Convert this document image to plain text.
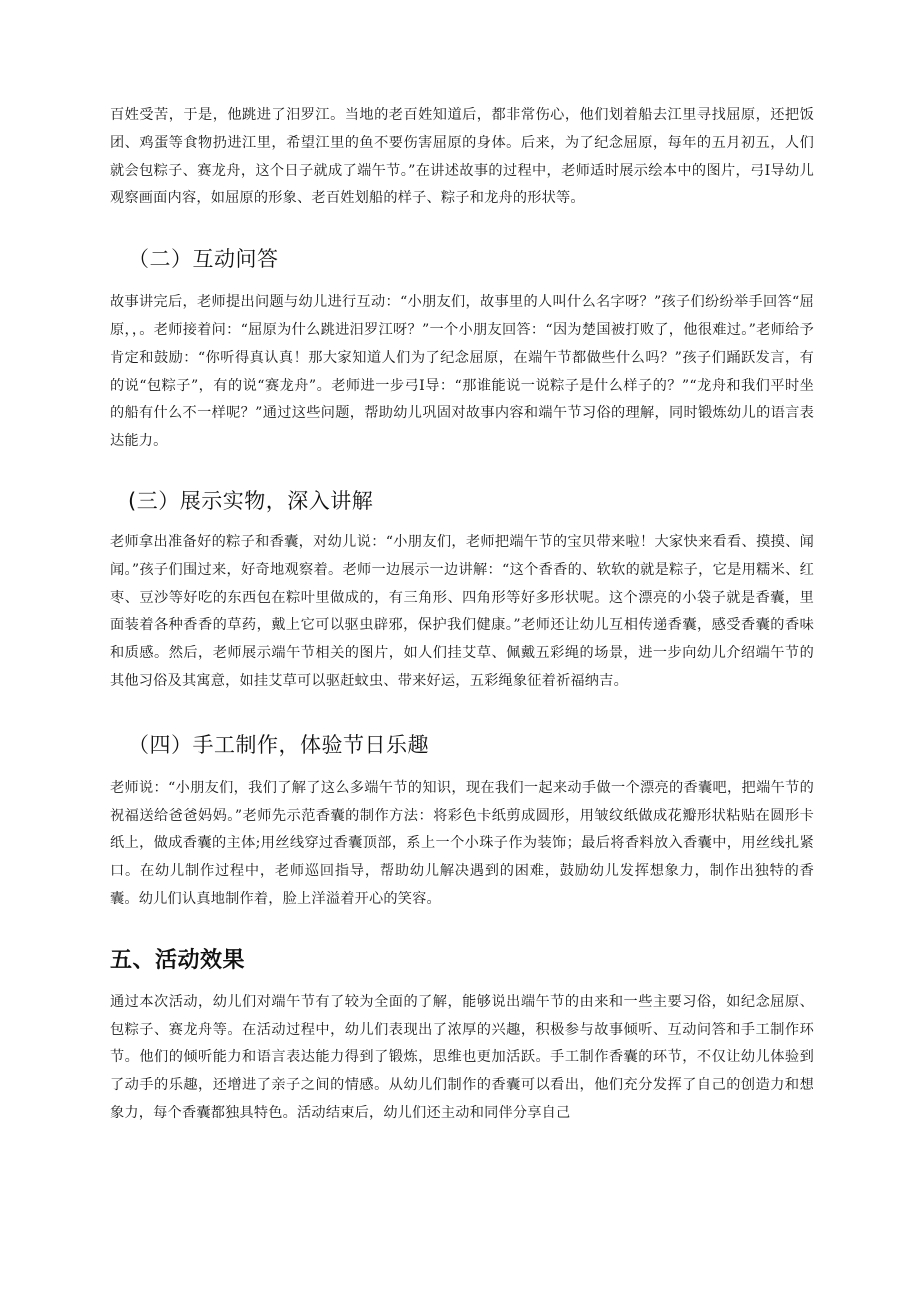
百姓受苦，于是，他跳进了汨罗江。当地的老百姓知道后，都非常伤心，他们划着船去江里寻找屈原，还把饭团、鸡蛋等食物扔进江里，希望江里的鱼不要伤害屈原的身体。后来，为了纪念屈原，每年的五月初五，人们就会包粽子、赛龙舟，这个日子就成了端午节。”在讲述故事的过程中，老师适时展示绘本中的图片，弓I导幼儿观察画面内容，如屈原的形象、老百姓划船的样子、粽子和龙舟的形状等。

（二）互动问答

故事讲完后，老师提出问题与幼儿进行互动：“小朋友们，故事里的人叫什么名字呀？”孩子们纷纷举手回答“屈原，，。老师接着问：“屈原为什么跳进汨罗江呀？”一个小朋友回答：“因为楚国被打败了，他很难过。”老师给予肯定和鼓励：“你听得真认真！那大家知道人们为了纪念屈原，在端午节都做些什么吗？”孩子们踊跃发言，有的说“包粽子”，有的说“赛龙舟”。老师进一步弓I导：“那谁能说一说粽子是什么样子的？”“龙舟和我们平时坐的船有什么不一样呢？”通过这些问题，帮助幼儿巩固对故事内容和端午节习俗的理解，同时锻炼幼儿的语言表达能力。

(三）展示实物，深入讲解

老师拿出准备好的粽子和香囊，对幼儿说：“小朋友们，老师把端午节的宝贝带来啦！大家快来看看、摸摸、闻闻。”孩子们围过来，好奇地观察着。老师一边展示一边讲解：“这个香香的、软软的就是粽子，它是用糯米、红枣、豆沙等好吃的东西包在粽叶里做成的，有三角形、四角形等好多形状呢。这个漂亮的小袋子就是香囊，里面装着各种香香的草药，戴上它可以驱虫辟邪，保护我们健康。”老师还让幼儿互相传递香囊，感受香囊的香味和质感。然后，老师展示端午节相关的图片，如人们挂艾草、佩戴五彩绳的场景，进一步向幼儿介绍端午节的其他习俗及其寓意，如挂艾草可以驱赶蚊虫、带来好运，五彩绳象征着祈福纳吉。

（四）手工制作，体验节日乐趣

老师说：“小朋友们，我们了解了这么多端午节的知识，现在我们一起来动手做一个漂亮的香囊吧，把端午节的祝福送给爸爸妈妈。”老师先示范香囊的制作方法：将彩色卡纸剪成圆形，用皱纹纸做成花瓣形状粘贴在圆形卡纸上，做成香囊的主体;用丝线穿过香囊顶部，系上一个小珠子作为装饰；最后将香料放入香囊中，用丝线扎紧口。在幼儿制作过程中，老师巡回指导，帮助幼儿解决遇到的困难，鼓励幼儿发挥想象力，制作出独特的香囊。幼儿们认真地制作着，脸上洋溢着开心的笑容。

五、活动效果

通过本次活动，幼儿们对端午节有了较为全面的了解，能够说出端午节的由来和一些主要习俗，如纪念屈原、包粽子、赛龙舟等。在活动过程中，幼儿们表现出了浓厚的兴趣，积极参与故事倾听、互动问答和手工制作环节。他们的倾听能力和语言表达能力得到了锻炼，思维也更加活跃。手工制作香囊的环节，不仅让幼儿体验到了动手的乐趣，还增进了亲子之间的情感。从幼儿们制作的香囊可以看出，他们充分发挥了自己的创造力和想象力，每个香囊都独具特色。活动结束后，幼儿们还主动和同伴分享自己
